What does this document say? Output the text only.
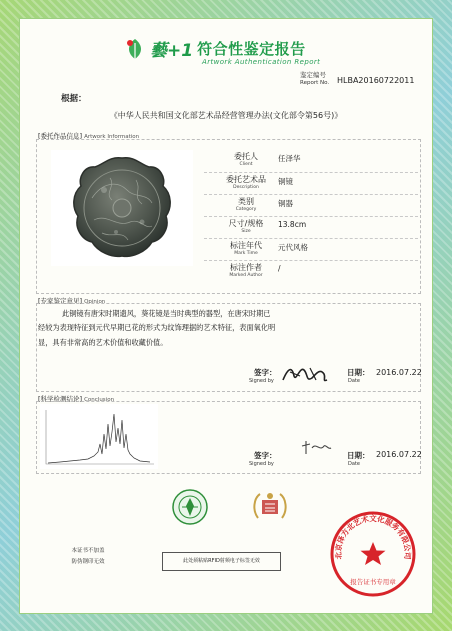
藝+1 符合性鉴定报告
Artwork Authentication Report
鉴定编号
Report No. HLBA20160722011
根据：
《中华人民共和国文化部艺术品经营管理办法(文化部令第56号)》
[委托作品信息] Artwork Information
委托人
Client
任泽华
委托艺术品
Description
铜镜
类别
Category
铜器
尺寸/规格
Size
13.8cm
标注年代
Mark Time
元代风格
标注作者
Marked Author
/
[专家鉴定意见] Opinion
此铜镜有唐宋时期遗风，葵花镜是当时典型的器型，在唐宋时期已经较为表现特征到元代早期已花的形式为纹饰理据的艺术特征，表面氧化明显，具有非常高的艺术价值和收藏价值。
签字：
Signed by
日期：
Date
2016.07.22
[科学检测结论] Conclusion
签字：
Signed by
日期：
Date
2016.07.22
本证书不加盖
防伪钢印无效	此处须粘贴RFID射频电子标签无效
北京泽方北艺术文化服务有限公司
报告证书专用章
